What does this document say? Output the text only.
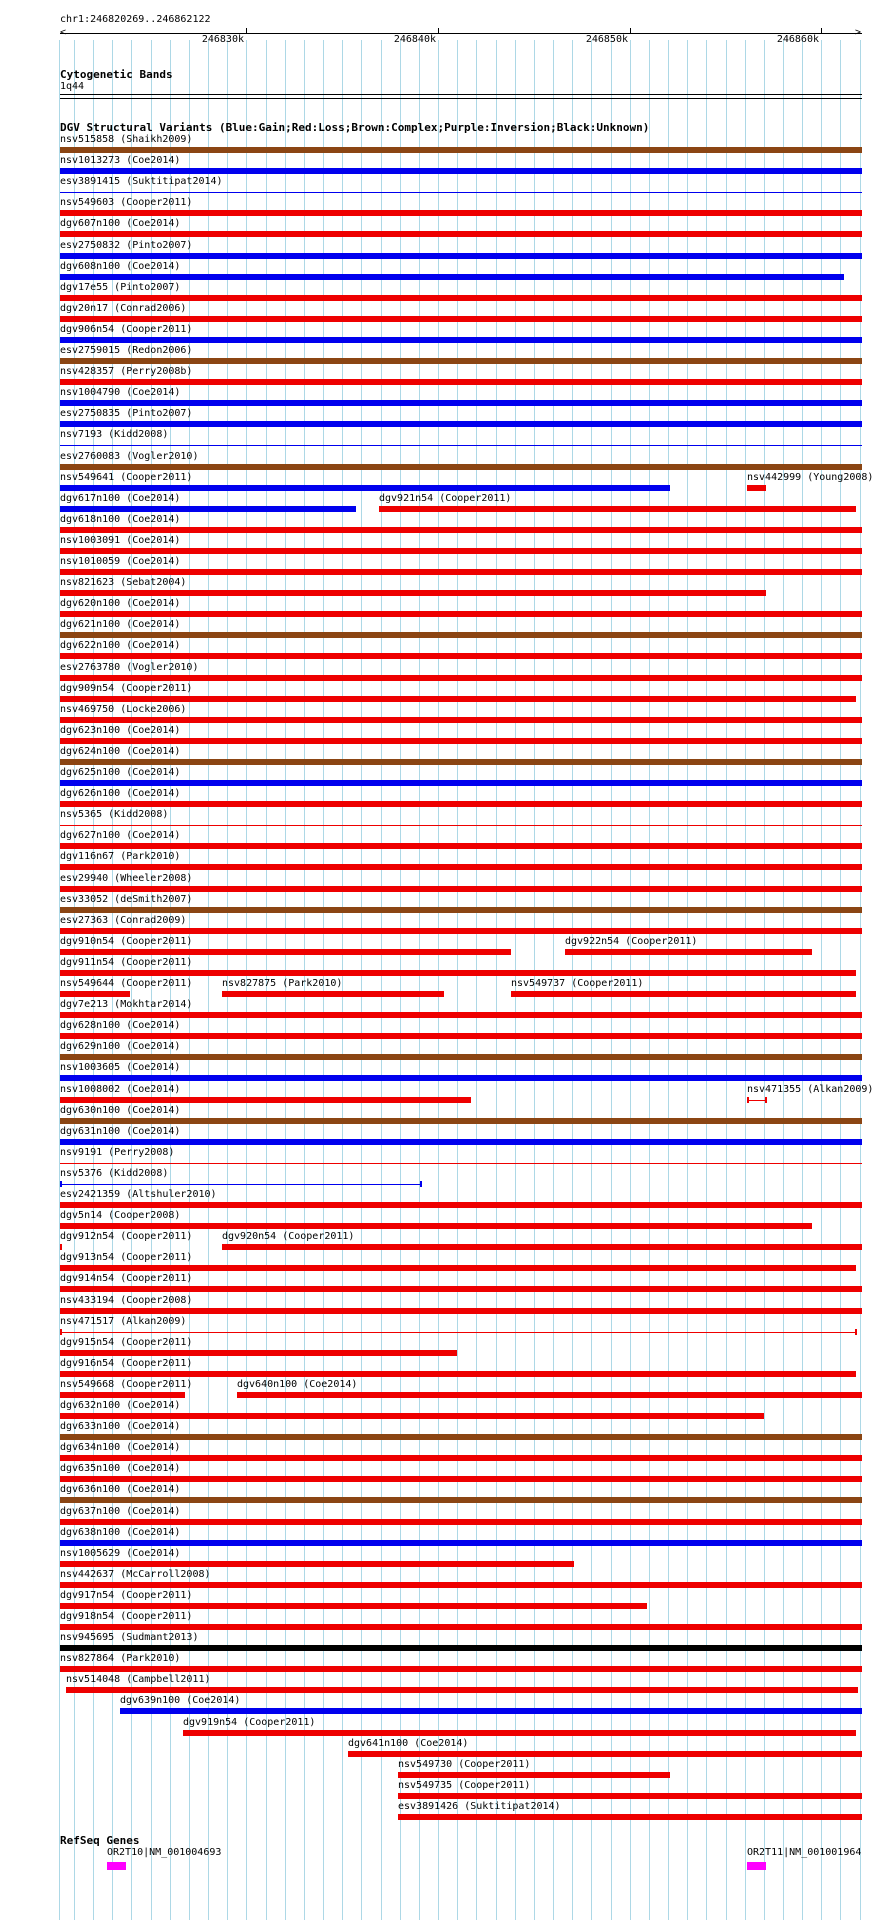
chr1:246820269..246862122
<	>
246830k	246840k	246850k	246860k
Cytogenetic Bands
1q44
DGV Structural Variants (Blue:Gain;Red:Loss;Brown:Complex;Purple:Inversion;Black:Unknown)
nsv515858 (Shaikh2009)
nsv1013273 (Coe2014)
esv3891415 (Suktitipat2014)
nsv549603 (Cooper2011)
dgv607n100 (Coe2014)
esv2750832 (Pinto2007)
dgv608n100 (Coe2014)
dgv17e55 (Pinto2007)
dgv20n17 (Conrad2006)
dgv906n54 (Cooper2011)
esv2759015 (Redon2006)
nsv428357 (Perry2008b)
nsv1004790 (Coe2014)
esv2750835 (Pinto2007)
nsv7193 (Kidd2008)
esv2760083 (Vogler2010)
nsv549641 (Cooper2011)	nsv442999 (Young2008)
dgv617n100 (Coe2014)	dgv921n54 (Cooper2011)
dgv618n100 (Coe2014)
nsv1003091 (Coe2014)
nsv1010059 (Coe2014)
nsv821623 (Sebat2004)
dgv620n100 (Coe2014)
dgv621n100 (Coe2014)
dgv622n100 (Coe2014)
esv2763780 (Vogler2010)
dgv909n54 (Cooper2011)
nsv469750 (Locke2006)
dgv623n100 (Coe2014)
dgv624n100 (Coe2014)
dgv625n100 (Coe2014)
dgv626n100 (Coe2014)
nsv5365 (Kidd2008)
dgv627n100 (Coe2014)
dgv116n67 (Park2010)
esv29940 (Wheeler2008)
esv33052 (deSmith2007)
esv27363 (Conrad2009)
dgv910n54 (Cooper2011)	dgv922n54 (Cooper2011)
dgv911n54 (Cooper2011)
nsv549644 (Cooper2011)	nsv827875 (Park2010)	nsv549737 (Cooper2011)
dgv7e213 (Mokhtar2014)
dgv628n100 (Coe2014)
dgv629n100 (Coe2014)
nsv1003605 (Coe2014)
nsv1008002 (Coe2014)	nsv471355 (Alkan2009)
dgv630n100 (Coe2014)
dgv631n100 (Coe2014)
nsv9191 (Perry2008)
nsv5376 (Kidd2008)
esv2421359 (Altshuler2010)
dgv5n14 (Cooper2008)
dgv912n54 (Cooper2011)	dgv920n54 (Cooper2011)
dgv913n54 (Cooper2011)
dgv914n54 (Cooper2011)
nsv433194 (Cooper2008)
nsv471517 (Alkan2009)
dgv915n54 (Cooper2011)
dgv916n54 (Cooper2011)
nsv549668 (Cooper2011)	dgv640n100 (Coe2014)
dgv632n100 (Coe2014)
dgv633n100 (Coe2014)
dgv634n100 (Coe2014)
dgv635n100 (Coe2014)
dgv636n100 (Coe2014)
dgv637n100 (Coe2014)
dgv638n100 (Coe2014)
nsv1005629 (Coe2014)
nsv442637 (McCarroll2008)
dgv917n54 (Cooper2011)
dgv918n54 (Cooper2011)
nsv945695 (Sudmant2013)
nsv827864 (Park2010)
nsv514048 (Campbell2011)
dgv639n100 (Coe2014)
dgv919n54 (Cooper2011)
dgv641n100 (Coe2014)
nsv549730 (Cooper2011)
nsv549735 (Cooper2011)
esv3891426 (Suktitipat2014)
RefSeq Genes
OR2T10|NM_001004693	OR2T11|NM_001001964
